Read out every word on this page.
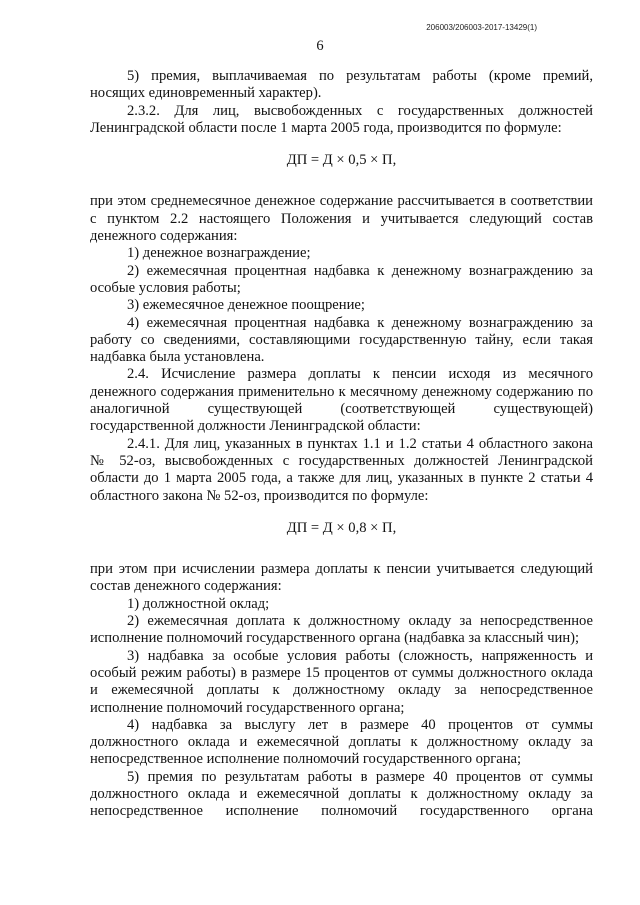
206003/206003-2017-13429(1)
6

5) премия, выплачиваемая по результатам работы (кроме премий, носящих единовременный характер).

2.3.2. Для лиц, высвобожденных с государственных должностей Ленинградской области после 1 марта 2005 года, производится по формуле:

ДП = Д × 0,5 × П,

при этом среднемесячное денежное содержание рассчитывается в соответствии с пунктом 2.2 настоящего Положения и учитывается следующий состав денежного содержания:

1) денежное вознаграждение;

2) ежемесячная процентная надбавка к денежному вознаграждению за особые условия работы;

3) ежемесячное денежное поощрение;

4) ежемесячная процентная надбавка к денежному вознаграждению за работу со сведениями, составляющими государственную тайну, если такая надбавка была установлена.

2.4. Исчисление размера доплаты к пенсии исходя из месячного денежного содержания применительно к месячному денежному содержанию по аналогичной существующей (соответствующей существующей) государственной должности Ленинградской области:

2.4.1. Для лиц, указанных в пунктах 1.1 и 1.2 статьи 4 областного закона № 52-оз, высвобожденных с государственных должностей Ленинградской области до 1 марта 2005 года, а также для лиц, указанных в пункте 2 статьи 4 областного закона № 52-оз, производится по формуле:

ДП = Д × 0,8 × П,

при этом при исчислении размера доплаты к пенсии учитывается следующий состав денежного содержания:

1) должностной оклад;

2) ежемесячная доплата к должностному окладу за непосредственное исполнение полномочий государственного органа (надбавка за классный чин);

3) надбавка за особые условия работы (сложность, напряженность и особый режим работы) в размере 15 процентов от суммы должностного оклада и ежемесячной доплаты к должностному окладу за непосредственное исполнение полномочий государственного органа;

4) надбавка за выслугу лет в размере 40 процентов от суммы должностного оклада и ежемесячной доплаты к должностному окладу за непосредственное исполнение полномочий государственного органа;

5) премия по результатам работы в размере 40 процентов от суммы должностного оклада и ежемесячной доплаты к должностному окладу за непосредственное исполнение полномочий государственного органа
